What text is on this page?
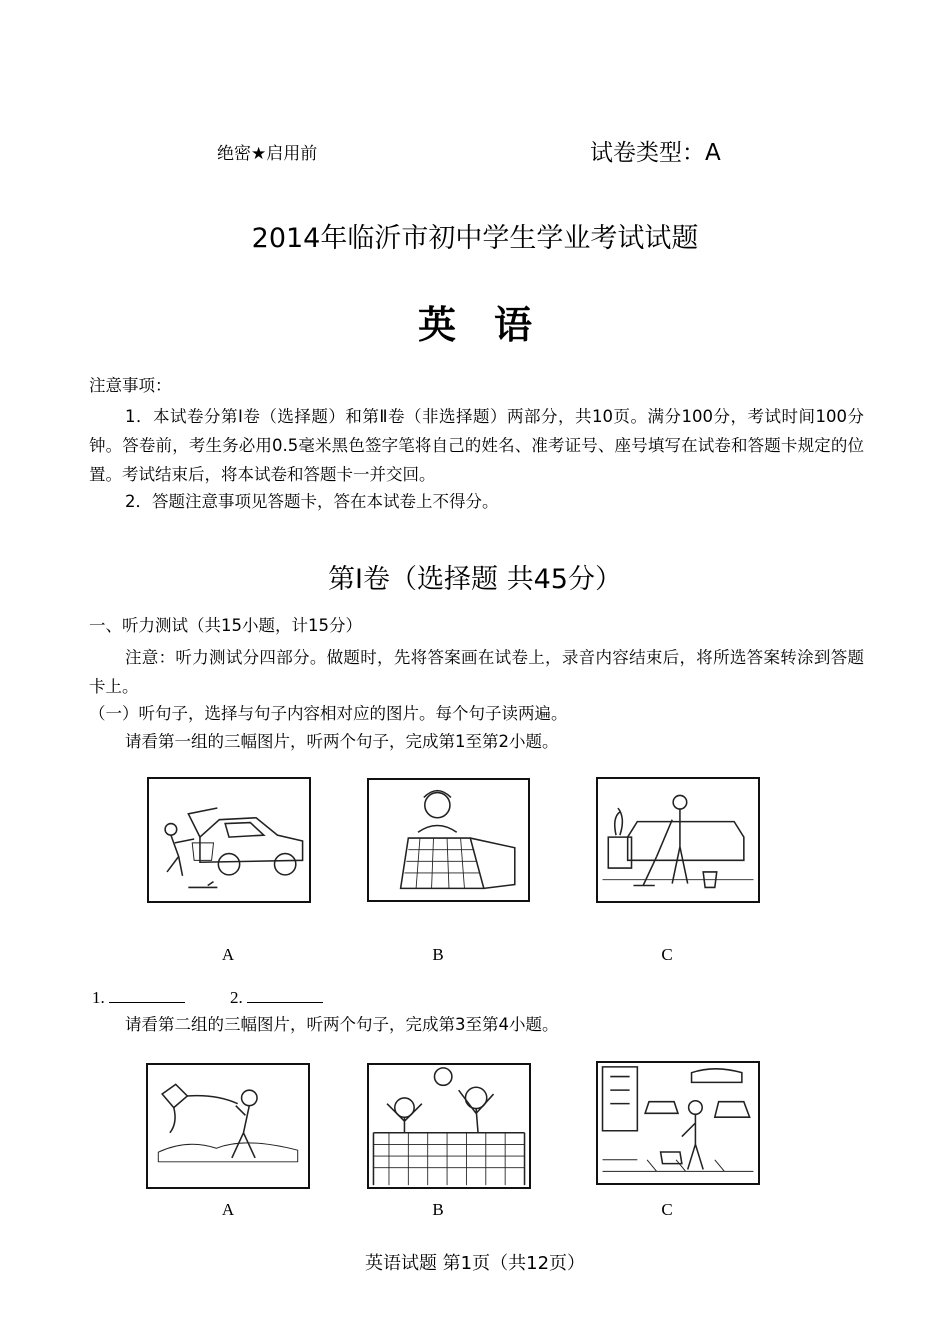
绝密★启用前	试卷类型：A
2014年临沂市初中学生学业考试试题
英语
注意事项：
1．本试卷分第Ⅰ卷（选择题）和第Ⅱ卷（非选择题）两部分，共10页。满分100分，考试时间100分钟。答卷前，考生务必用0.5毫米黑色签字笔将自己的姓名、准考证号、座号填写在试卷和答题卡规定的位置。考试结束后，将本试卷和答题卡一并交回。
2．答题注意事项见答题卡，答在本试卷上不得分。
第I卷（选择题 共45分）
一、听力测试（共15小题，计15分）
注意：听力测试分四部分。做题时，先将答案画在试卷上，录音内容结束后，将所选答案转涂到答题卡上。
（一）听句子，选择与句子内容相对应的图片。每个句子读两遍。
请看第一组的三幅图片，听两个句子，完成第1至第2小题。
A	B	C
1.	2.
请看第二组的三幅图片，听两个句子，完成第3至第4小题。
A	B	C
英语试题 第1页（共12页）
